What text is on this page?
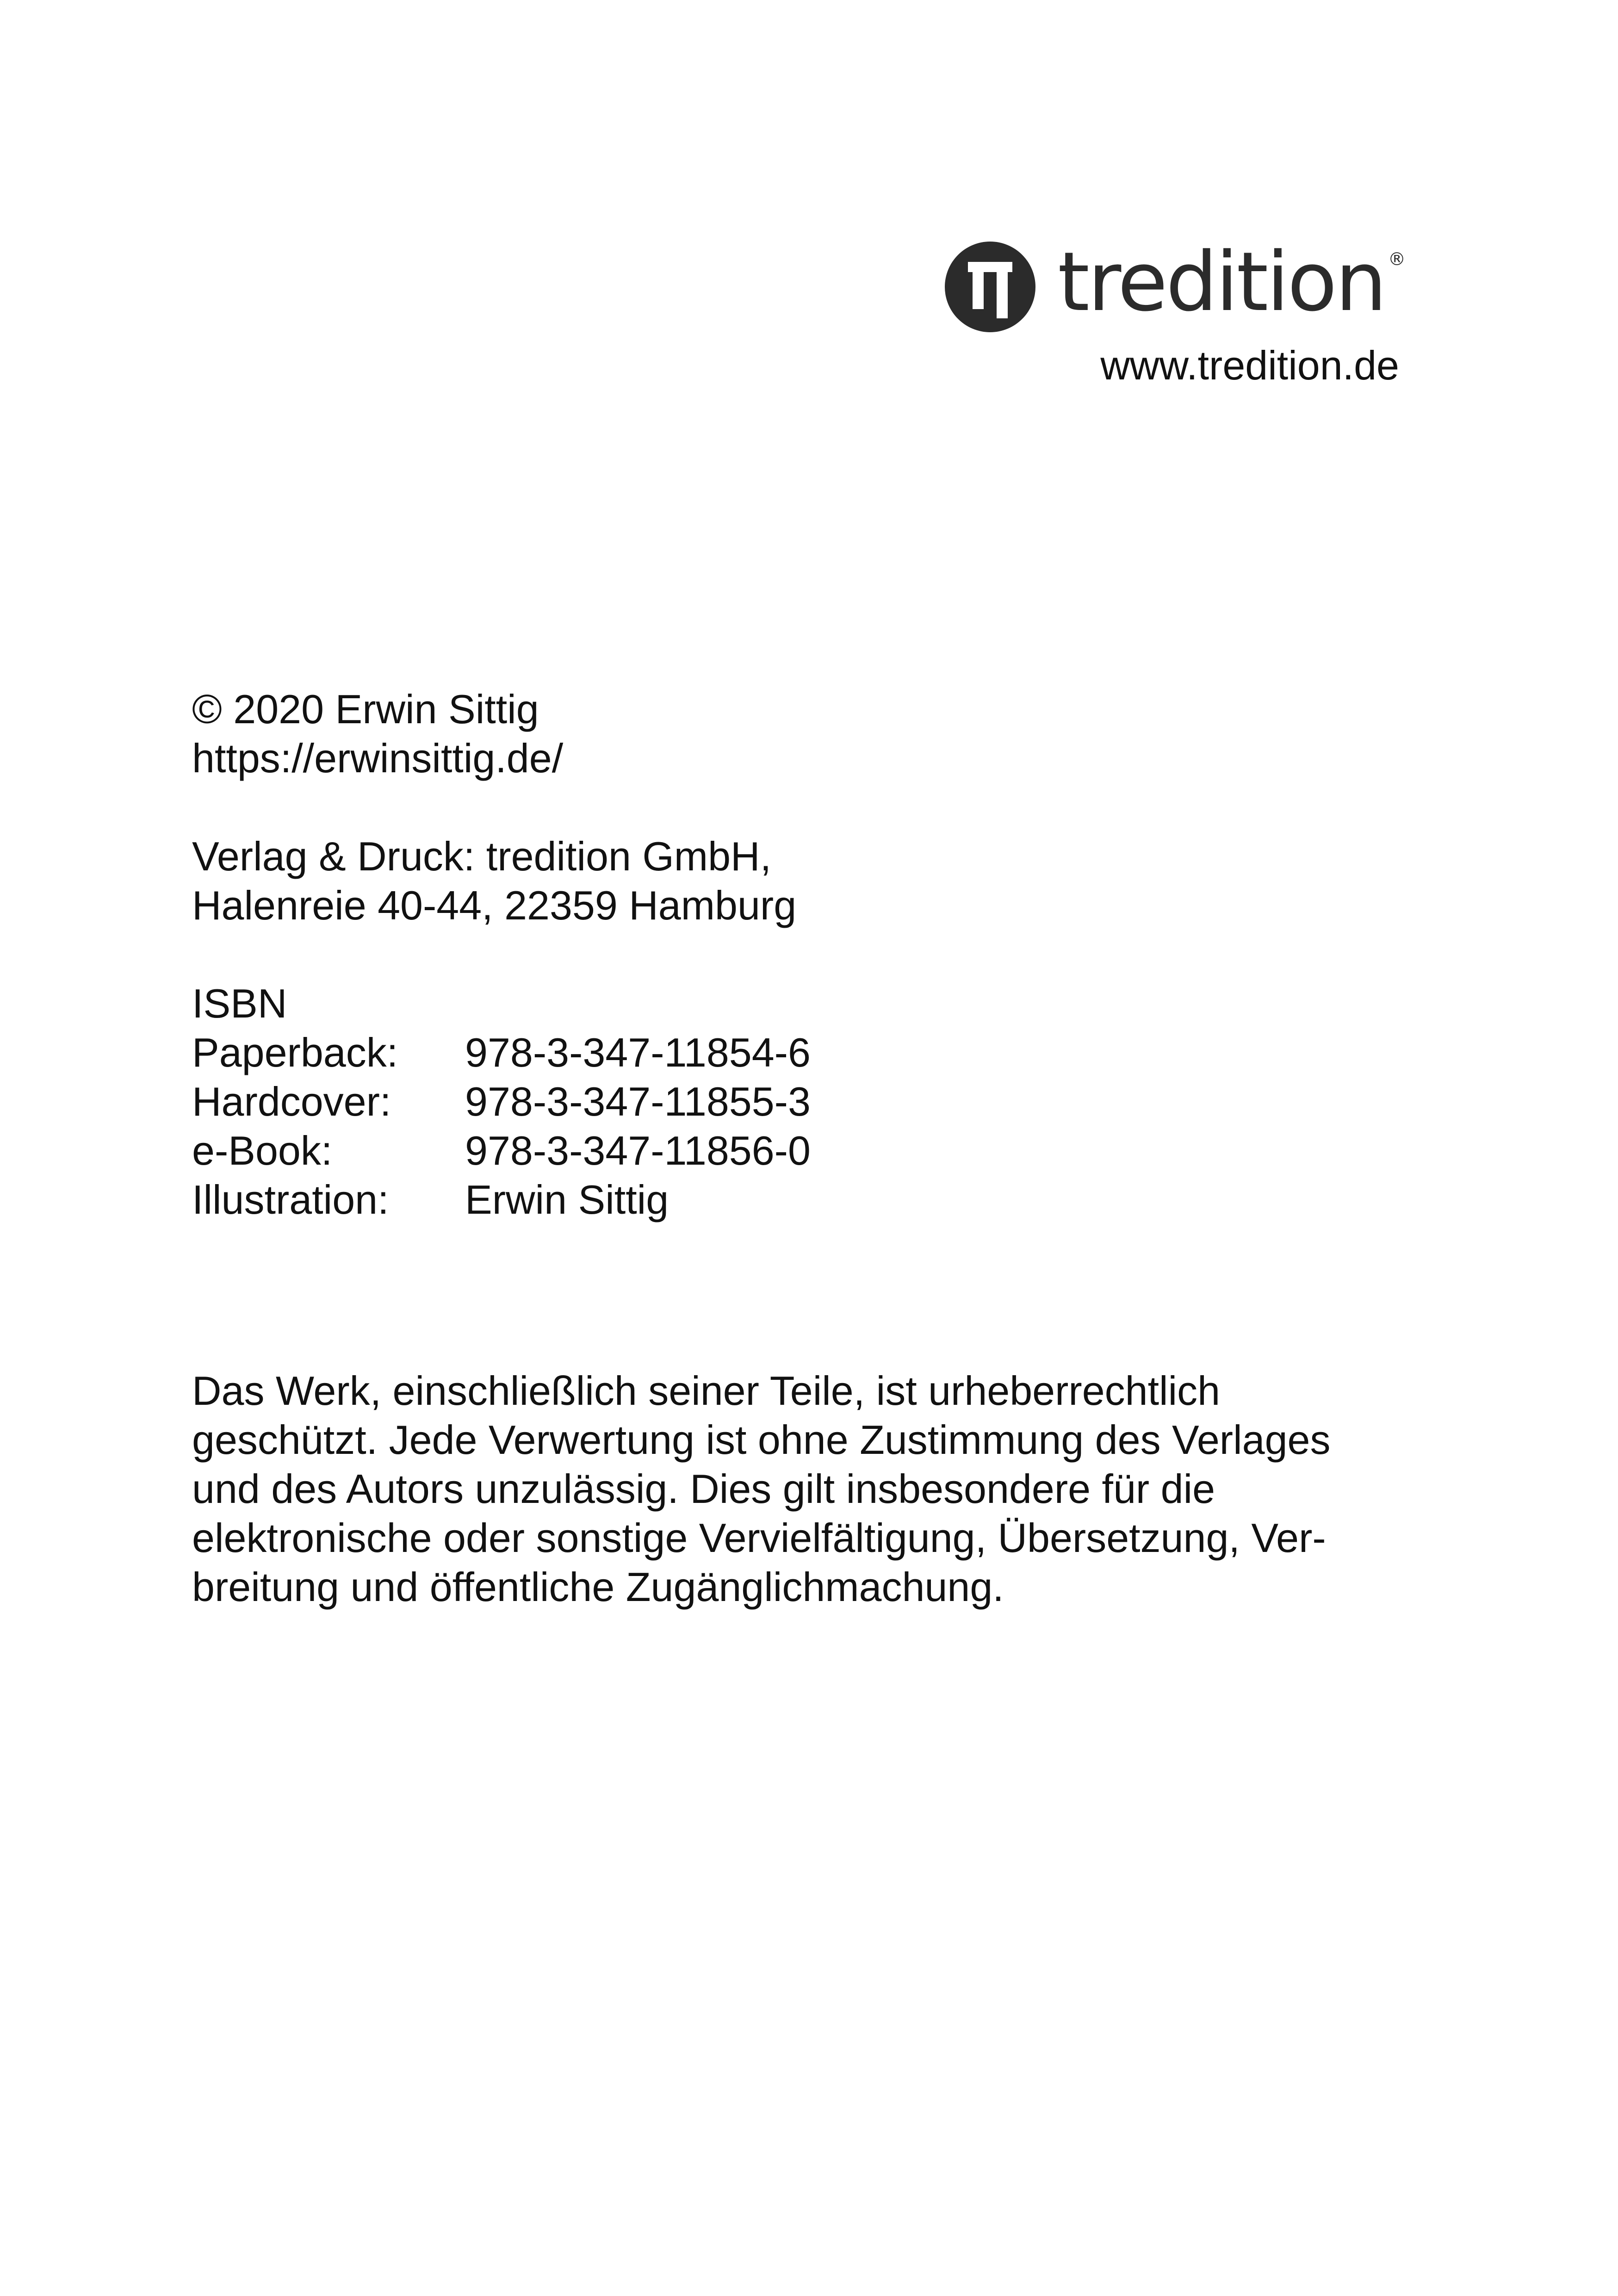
tredition ®
www.tredition.de
© 2020 Erwin Sittig
https://erwinsittig.de/
Verlag & Druck: tredition GmbH,
Halenreie 40-44, 22359 Hamburg
ISBN
Paperback:	978-3-347-11854-6
Hardcover:	978-3-347-11855-3
e-Book:	978-3-347-11856-0
Illustration:	Erwin Sittig
Das Werk, einschließlich seiner Teile, ist urheberrechtlich
geschützt. Jede Verwertung ist ohne Zustimmung des Verlages
und des Autors unzulässig. Dies gilt insbesondere für die
elektronische oder sonstige Vervielfältigung, Übersetzung, Ver-
breitung und öffentliche Zugänglichmachung.
